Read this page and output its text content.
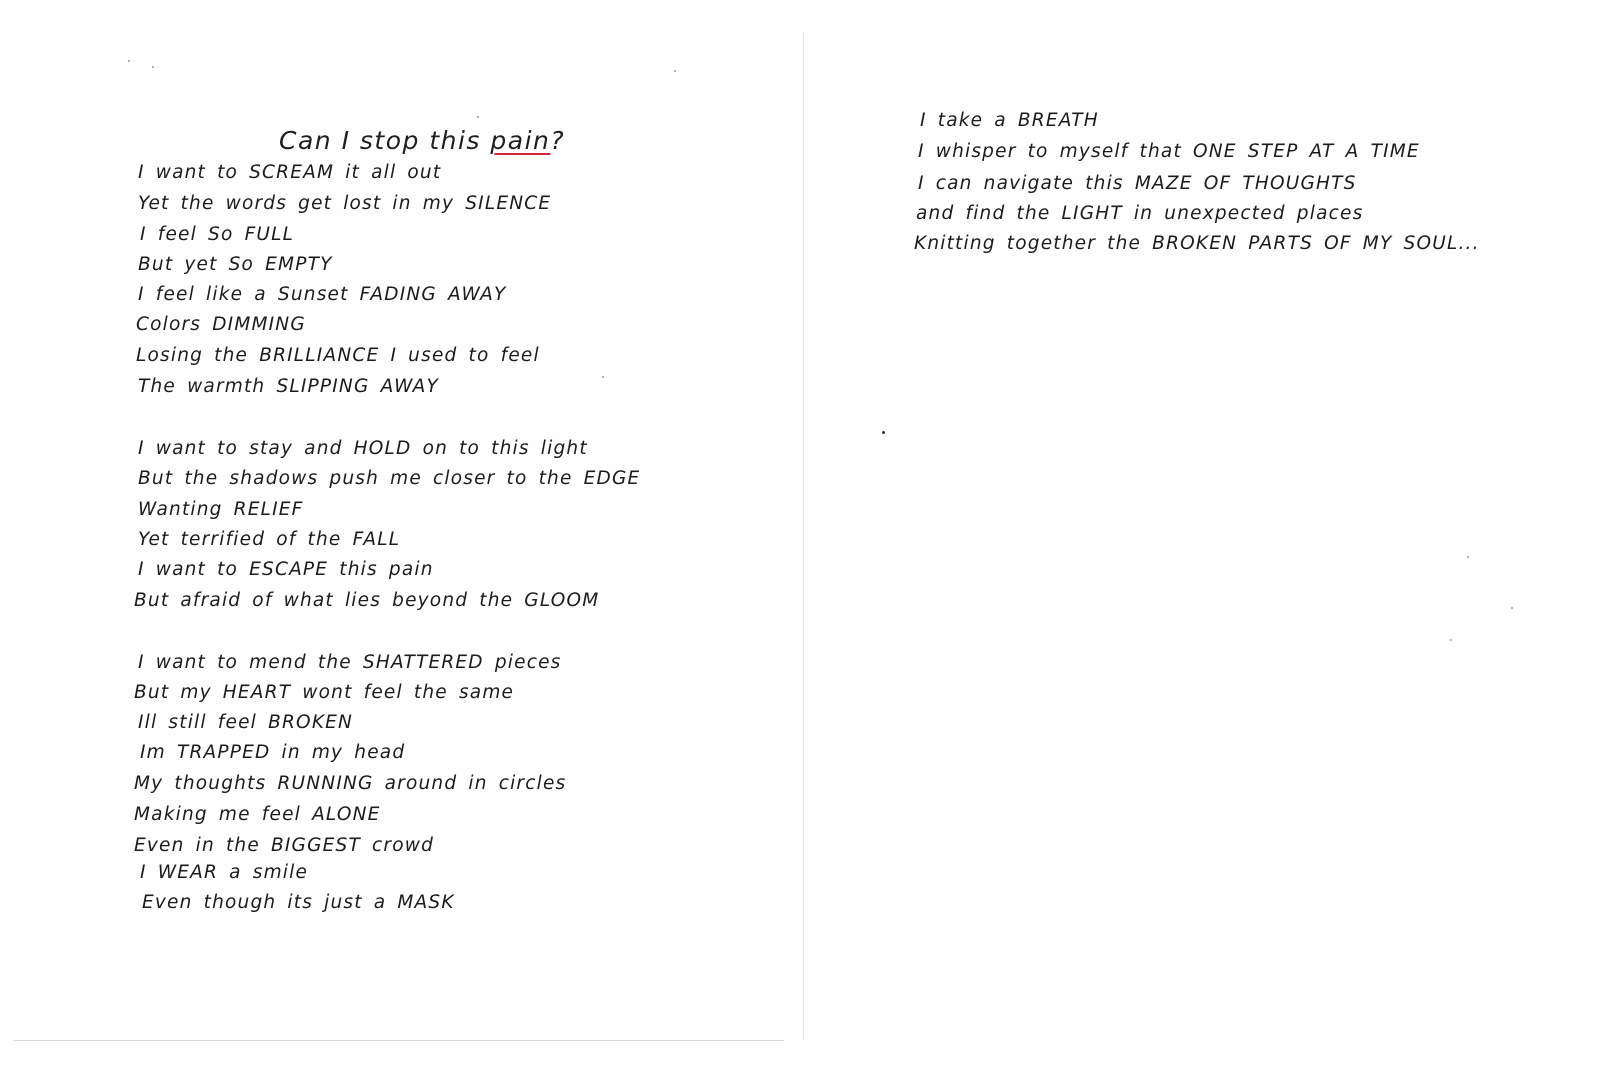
Can I stop this pain?
I want to SCREAM it all out
Yet the words get lost in my SILENCE
I feel So FULL
But yet So EMPTY
I feel like a Sunset FADING AWAY
Colors DIMMING
Losing the BRILLIANCE I used to feel
The warmth SLIPPING AWAY
I want to stay and HOLD on to this light
But the shadows push me closer to the EDGE
Wanting RELIEF
Yet terrified of the FALL
I want to ESCAPE this pain
But afraid of what lies beyond the GLOOM
I want to mend the SHATTERED pieces
But my HEART wont feel the same
Ill still feel BROKEN
Im TRAPPED in my head
My thoughts RUNNING around in circles
Making me feel ALONE
Even in the BIGGEST crowd
I WEAR a smile
Even though its just a MASK
I take a BREATH
I whisper to myself that ONE STEP AT A TIME
I can navigate this MAZE OF THOUGHTS
and find the LIGHT in unexpected places
Knitting together the BROKEN PARTS OF MY SOUL...
